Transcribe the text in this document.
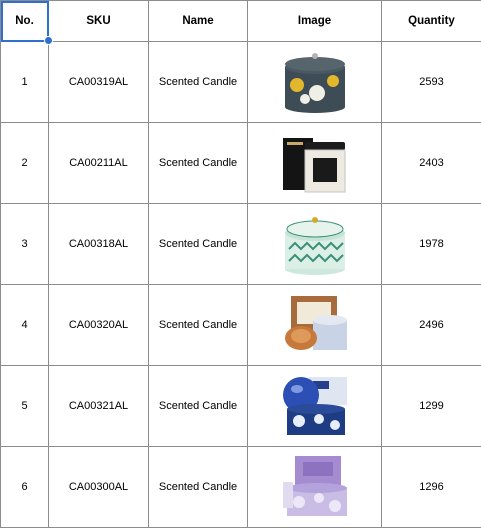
No.	SKU	Name	Image	Quantity
1	CA00319AL	Scented Candle		2593
2	CA00211AL	Scented Candle		2403
3	CA00318AL	Scented Candle		1978
4	CA00320AL	Scented Candle		2496
5	CA00321AL	Scented Candle		1299
6	CA00300AL	Scented Candle		1296
